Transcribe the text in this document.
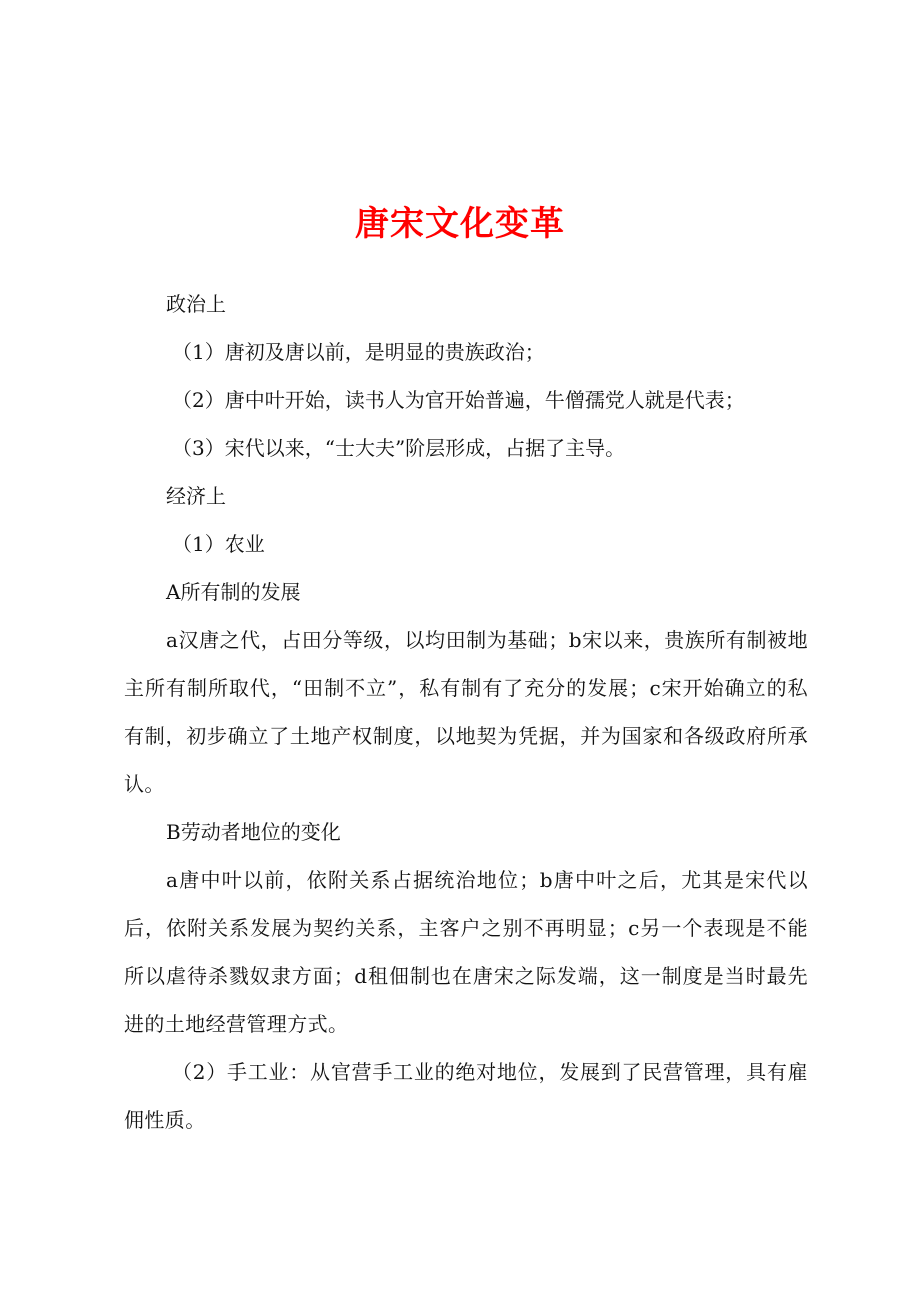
唐宋文化变革
政治上
（1）唐初及唐以前，是明显的贵族政治；
（2）唐中叶开始，读书人为官开始普遍，牛僧孺党人就是代表；
（3）宋代以来，“士大夫”阶层形成，占据了主导。
经济上
（1）农业
A所有制的发展
a汉唐之代，占田分等级，以均田制为基础；b宋以来，贵族所有制被地主所有制所取代，“田制不立”，私有制有了充分的发展；c宋开始确立的私有制，初步确立了土地产权制度，以地契为凭据，并为国家和各级政府所承认。
B劳动者地位的变化
a唐中叶以前，依附关系占据统治地位；b唐中叶之后，尤其是宋代以后，依附关系发展为契约关系，主客户之别不再明显；c另一个表现是不能所以虐待杀戮奴隶方面；d租佃制也在唐宋之际发端，这一制度是当时最先进的土地经营管理方式。
（2）手工业：从官营手工业的绝对地位，发展到了民营管理，具有雇佣性质。
